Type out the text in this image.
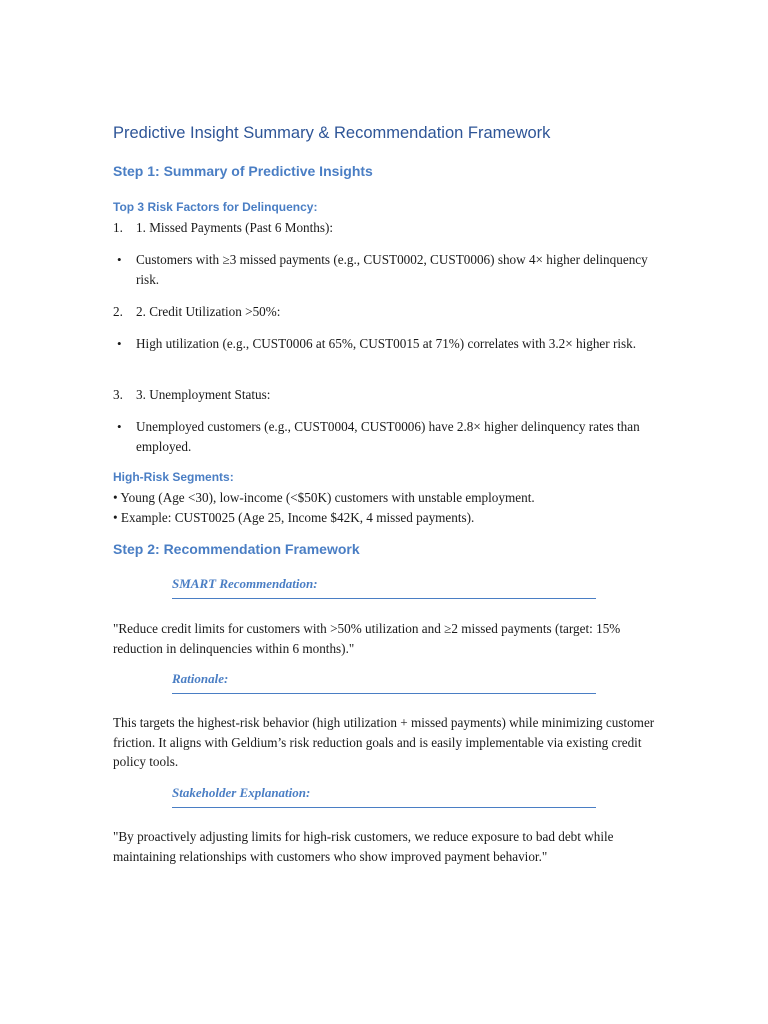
Predictive Insight Summary & Recommendation Framework
Step 1: Summary of Predictive Insights
Top 3 Risk Factors for Delinquency:
1. 1. Missed Payments (Past 6 Months):
• Customers with ≥3 missed payments (e.g., CUST0002, CUST0006) show 4× higher delinquency risk.
2. 2. Credit Utilization >50%:
• High utilization (e.g., CUST0006 at 65%, CUST0015 at 71%) correlates with 3.2× higher risk.
3. 3. Unemployment Status:
• Unemployed customers (e.g., CUST0004, CUST0006) have 2.8× higher delinquency rates than employed.
High-Risk Segments:
• Young (Age <30), low-income (<$50K) customers with unstable employment.
• Example: CUST0025 (Age 25, Income $42K, 4 missed payments).
Step 2: Recommendation Framework
SMART Recommendation:

"Reduce credit limits for customers with >50% utilization and ≥2 missed payments (target: 15% reduction in delinquencies within 6 months)."

Rationale:

This targets the highest-risk behavior (high utilization + missed payments) while minimizing customer friction. It aligns with Geldium’s risk reduction goals and is easily implementable via existing credit policy tools.

Stakeholder Explanation:

"By proactively adjusting limits for high-risk customers, we reduce exposure to bad debt while maintaining relationships with customers who show improved payment behavior."
